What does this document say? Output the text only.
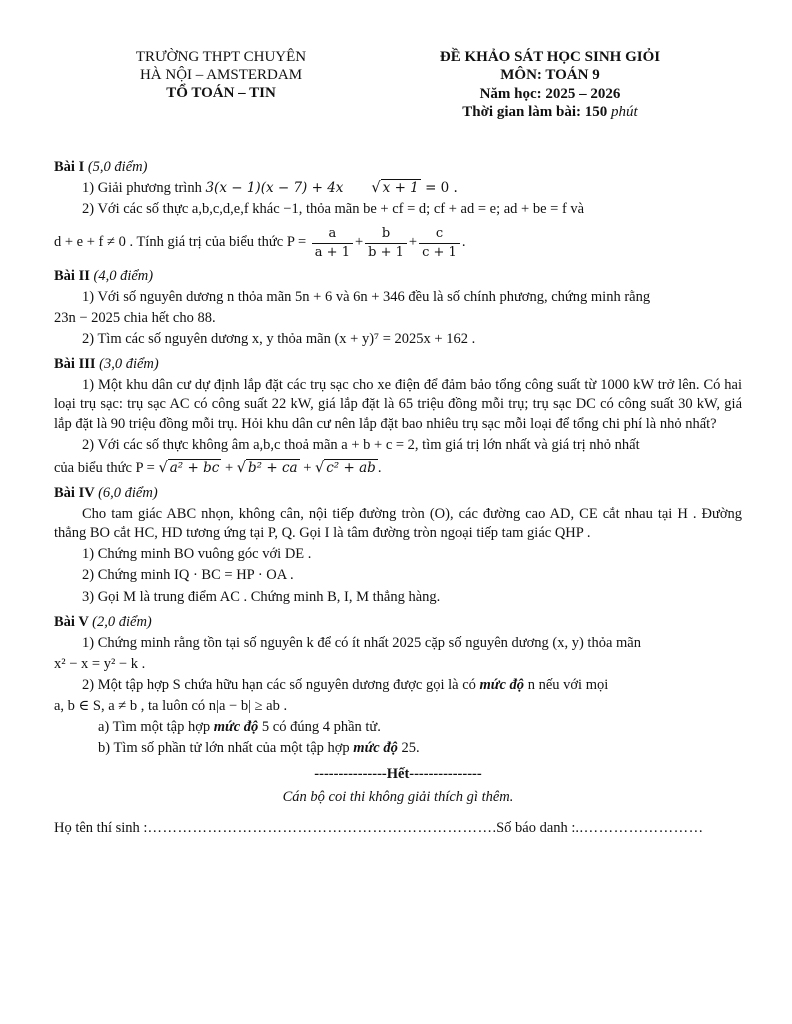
TRƯỜNG THPT CHUYÊN
HÀ NỘI – AMSTERDAM
TỔ TOÁN – TIN
ĐỀ KHẢO SÁT HỌC SINH GIỎI
MÔN: TOÁN 9
Năm học: 2025 – 2026
Thời gian làm bài: 150 phút
Bài I (5,0 điểm)

1) Giải phương trình 3(x − 1)(x − 7) + 4x √ x + 1 = 0 .

2) Với các số thực a,b,c,d,e,f khác −1, thỏa mãn be + cf = d; cf + ad = e; ad + be = f và

d + e + f ≠ 0 . Tính giá trị của biểu thức $P = \frac{a}{a + 1} + \frac{b}{b + 1} + \frac{c}{c + 1}$ .

Bài II (4,0 điểm)

1) Với số nguyên dương n thỏa mãn 5n + 6 và 6n + 346 đều là số chính phương, chứng minh rằng

23n − 2025 chia hết cho 88.

2) Tìm các số nguyên dương x, y thỏa mãn (x + y)⁷ = 2025x + 162 .

Bài III (3,0 điểm)

1) Một khu dân cư dự định lắp đặt các trụ sạc cho xe điện để đảm bảo tổng công suất từ 1000 kW trở lên. Có hai loại trụ sạc: trụ sạc AC có công suất 22 kW, giá lắp đặt là 65 triệu đồng mỗi trụ; trụ sạc DC có công suất 30 kW, giá lắp đặt là 90 triệu đồng mỗi trụ. Hỏi khu dân cư nên lắp đặt bao nhiêu trụ sạc mỗi loại để tổng chi phí là nhỏ nhất?

2) Với các số thực không âm a,b,c thoả mãn a + b + c = 2, tìm giá trị lớn nhất và giá trị nhỏ nhất

của biểu thức P = √ a² + bc + √ b² + ca + √ c² + ab .

Bài IV (6,0 điểm)

Cho tam giác ABC nhọn, không cân, nội tiếp đường tròn (O), các đường cao AD, CE cắt nhau tại H . Đường thẳng BO cắt HC, HD tương ứng tại P, Q. Gọi I là tâm đường tròn ngoại tiếp tam giác QHP .

1) Chứng minh BO vuông góc với DE .

2) Chứng minh IQ · BC = HP · OA .

3) Gọi M là trung điểm AC . Chứng minh B, I, M thẳng hàng.

Bài V (2,0 điểm)

1) Chứng minh rằng tồn tại số nguyên k để có ít nhất 2025 cặp số nguyên dương (x, y) thỏa mãn

x² − x = y² − k .

2) Một tập hợp S chứa hữu hạn các số nguyên dương được gọi là có mức độ n nếu với mọi

a, b ∈ S, a ≠ b , ta luôn có n|a − b| ≥ ab .

a) Tìm một tập hợp mức độ 5 có đúng 4 phần tử.

b) Tìm số phần tử lớn nhất của một tập hợp mức độ 25.

---------------Hết---------------
Cán bộ coi thi không giải thích gì thêm.
Họ tên thí sinh :…………………………………………………………….Số báo danh :..……………………
